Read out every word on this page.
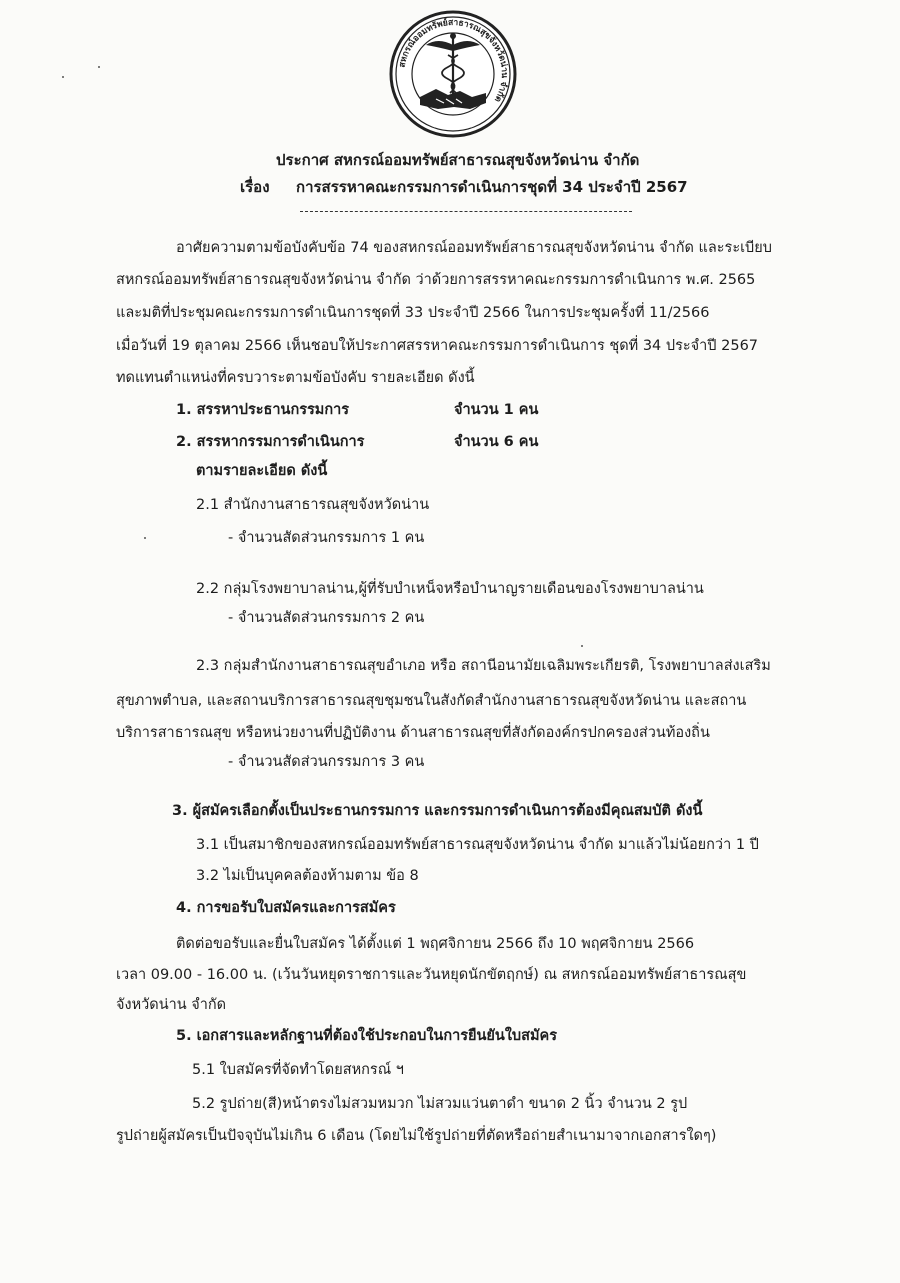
สหกรณ์ออมทรัพย์สาธารณสุขจังหวัดน่าน จำกัด
ประกาศ สหกรณ์ออมทรัพย์สาธารณสุขจังหวัดน่าน จำกัด
เรื่อง การสรรหาคณะกรรมการดำเนินการชุดที่ 34 ประจำปี 2567
อาศัยความตามข้อบังคับข้อ 74 ของสหกรณ์ออมทรัพย์สาธารณสุขจังหวัดน่าน จำกัด และระเบียบ
สหกรณ์ออมทรัพย์สาธารณสุขจังหวัดน่าน จำกัด ว่าด้วยการสรรหาคณะกรรมการดำเนินการ พ.ศ. 2565
และมติที่ประชุมคณะกรรมการดำเนินการชุดที่ 33 ประจำปี 2566 ในการประชุมครั้งที่ 11/2566
เมื่อวันที่ 19 ตุลาคม 2566 เห็นชอบให้ประกาศสรรหาคณะกรรมการดำเนินการ ชุดที่ 34 ประจำปี 2567
ทดแทนตำแหน่งที่ครบวาระตามข้อบังคับ รายละเอียด ดังนี้
1. สรรหาประธานกรรมการ	จำนวน 1 คน
2. สรรหากรรมการดำเนินการ	จำนวน 6 คน
ตามรายละเอียด ดังนี้
2.1 สำนักงานสาธารณสุขจังหวัดน่าน
- จำนวนสัดส่วนกรรมการ 1 คน
2.2 กลุ่มโรงพยาบาลน่าน,ผู้ที่รับบำเหน็จหรือบำนาญรายเดือนของโรงพยาบาลน่าน
- จำนวนสัดส่วนกรรมการ 2 คน
2.3 กลุ่มสำนักงานสาธารณสุขอำเภอ หรือ สถานีอนามัยเฉลิมพระเกียรติ, โรงพยาบาลส่งเสริม
สุขภาพตำบล, และสถานบริการสาธารณสุขชุมชนในสังกัดสำนักงานสาธารณสุขจังหวัดน่าน และสถาน
บริการสาธารณสุข หรือหน่วยงานที่ปฏิบัติงาน ด้านสาธารณสุขที่สังกัดองค์กรปกครองส่วนท้องถิ่น
- จำนวนสัดส่วนกรรมการ 3 คน
3. ผู้สมัครเลือกตั้งเป็นประธานกรรมการ และกรรมการดำเนินการต้องมีคุณสมบัติ ดังนี้
3.1 เป็นสมาชิกของสหกรณ์ออมทรัพย์สาธารณสุขจังหวัดน่าน จำกัด มาแล้วไม่น้อยกว่า 1 ปี
3.2 ไม่เป็นบุคคลต้องห้ามตาม ข้อ 8
4. การขอรับใบสมัครและการสมัคร
ติดต่อขอรับและยื่นใบสมัคร ได้ตั้งแต่ 1 พฤศจิกายน 2566 ถึง 10 พฤศจิกายน 2566
เวลา 09.00 - 16.00 น. (เว้นวันหยุดราชการและวันหยุดนักขัตฤกษ์) ณ สหกรณ์ออมทรัพย์สาธารณสุข
จังหวัดน่าน จำกัด
5. เอกสารและหลักฐานที่ต้องใช้ประกอบในการยืนยันใบสมัคร
5.1 ใบสมัครที่จัดทำโดยสหกรณ์ ฯ
5.2 รูปถ่าย(สี)หน้าตรงไม่สวมหมวก ไม่สวมแว่นตาดำ ขนาด 2 นิ้ว จำนวน 2 รูป
รูปถ่ายผู้สมัครเป็นปัจจุบันไม่เกิน 6 เดือน (โดยไม่ใช้รูปถ่ายที่ตัดหรือถ่ายสำเนามาจากเอกสารใดๆ)
